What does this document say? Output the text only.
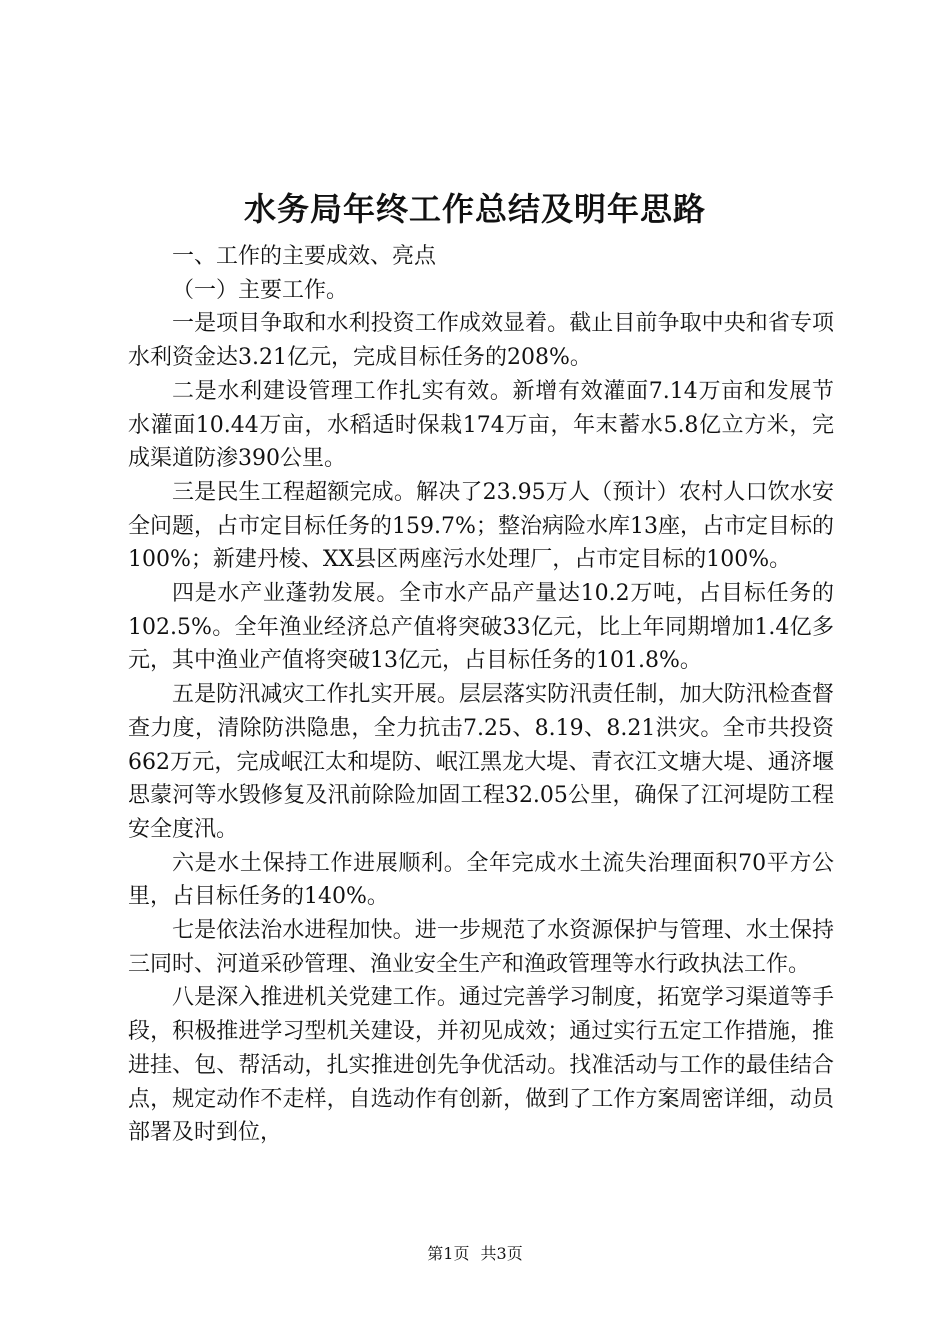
水务局年终工作总结及明年思路

一、工作的主要成效、亮点

（一）主要工作。

一是项目争取和水利投资工作成效显着。截止目前争取中央和省专项水利资金达3.21亿元，完成目标任务的208%。

二是水利建设管理工作扎实有效。新增有效灌面7.14万亩和发展节水灌面10.44万亩，水稻适时保栽174万亩，年末蓄水5.8亿立方米，完成渠道防渗390公里。

三是民生工程超额完成。解决了23.95万人（预计）农村人口饮水安全问题，占市定目标任务的159.7%；整治病险水库13座，占市定目标的100%；新建丹棱、XX县区两座污水处理厂，占市定目标的100%。

四是水产业蓬勃发展。全市水产品产量达10.2万吨，占目标任务的102.5%。全年渔业经济总产值将突破33亿元，比上年同期增加1.4亿多元，其中渔业产值将突破13亿元，占目标任务的101.8%。

五是防汛减灾工作扎实开展。层层落实防汛责任制，加大防汛检查督查力度，清除防洪隐患，全力抗击7.25、8.19、8.21洪灾。全市共投资662万元，完成岷江太和堤防、岷江黑龙大堤、青衣江文塘大堤、通济堰思蒙河等水毁修复及汛前除险加固工程32.05公里，确保了江河堤防工程安全度汛。

六是水土保持工作进展顺利。全年完成水土流失治理面积70平方公里，占目标任务的140%。

七是依法治水进程加快。进一步规范了水资源保护与管理、水土保持三同时、河道采砂管理、渔业安全生产和渔政管理等水行政执法工作。

八是深入推进机关党建工作。通过完善学习制度，拓宽学习渠道等手段，积极推进学习型机关建设，并初见成效；通过实行五定工作措施，推进挂、包、帮活动，扎实推进创先争优活动。找准活动与工作的最佳结合点，规定动作不走样，自选动作有创新，做到了工作方案周密详细，动员部署及时到位，

第1页 共3页
